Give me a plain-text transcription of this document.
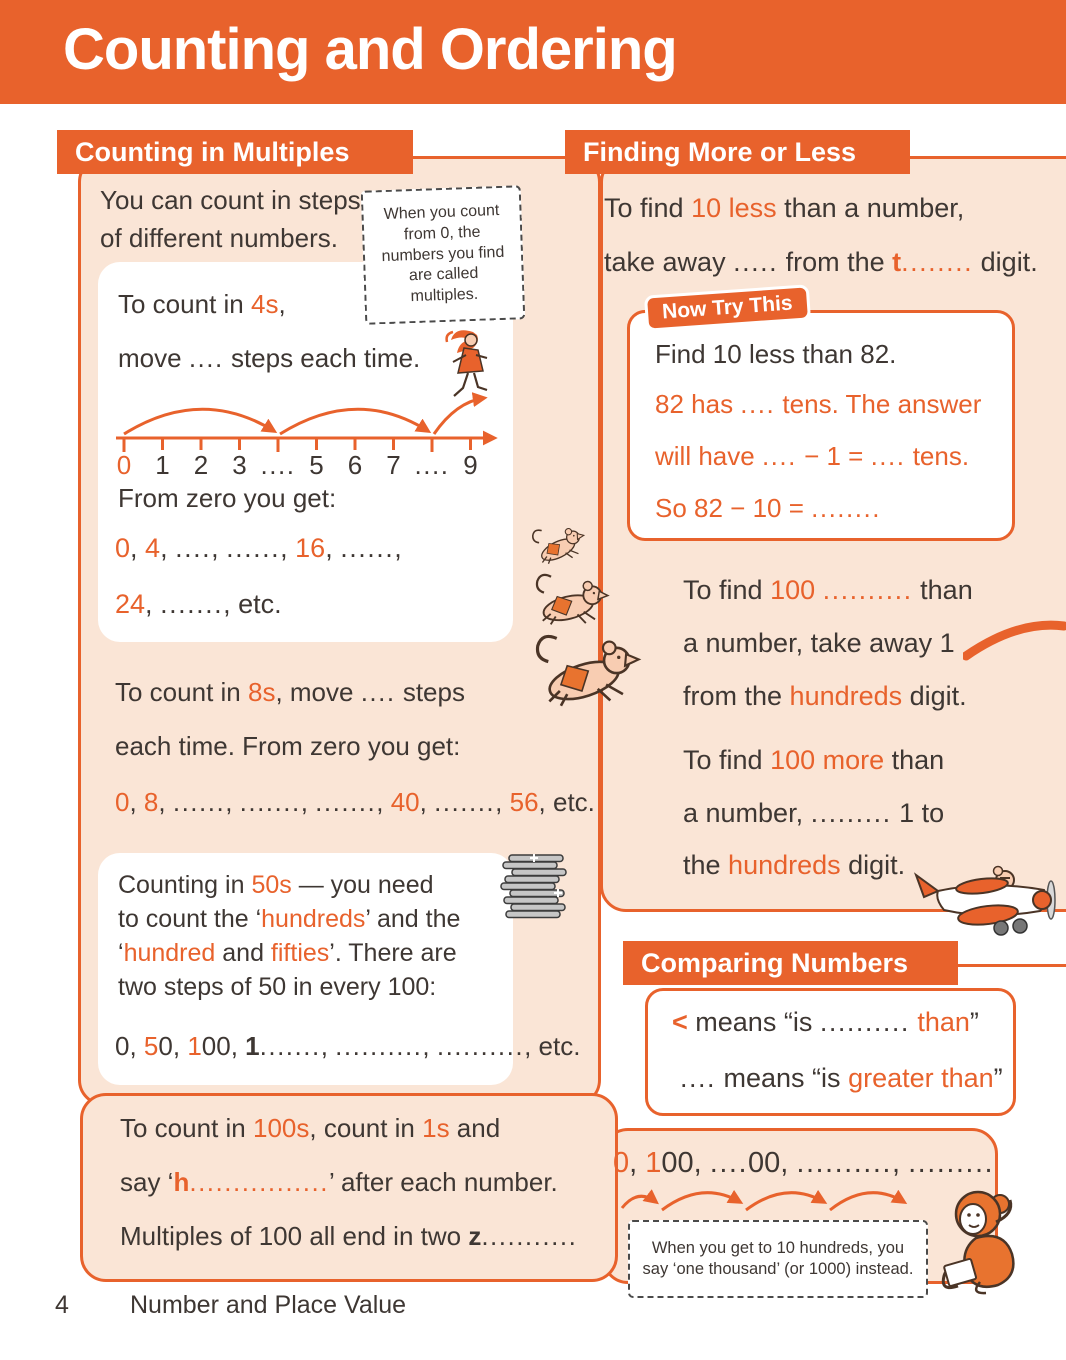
Counting and Ordering
Counting in Multiples
You can count in steps
of different numbers.
When you count from 0, the numbers you find are called multiples.
To count in 4s,
move .... steps each time.
0 1 2 3 .... 5 6 7 .... 9
From zero you get:
0, 4, ...., ......, 16, ......,
24, ......., etc.
To count in 8s, move .... steps
each time. From zero you get:
0, 8, ......, ......., ......., 40, ......., 56, etc.
Counting in 50s — you need
to count the ‘hundreds’ and the
‘hundred and fifties’. There are
two steps of 50 in every 100:
0, 50, 100, 1......., .........., .........., etc.
To count in 100s, count in 1s and
say ‘h................’ after each number.
Multiples of 100 all end in two z...........
Finding More or Less
To find 10 less than a number,
take away ..... from the t........ digit.
Now Try This
Find 10 less than 82.
82 has .... tens. The answer
will have .... − 1 = .... tens.
So 82 − 10 = ........
To find 100 .......... than
a number, take away 1
from the hundreds digit.
To find 100 more than
a number, ......... 1 to
the hundreds digit.
Comparing Numbers
< means “is .......... than”
.... means “is greater than”
0, 100, ....00, .........., .........
When you get to 10 hundreds, you say ‘one thousand’ (or 1000) instead.
4 Number and Place Value
